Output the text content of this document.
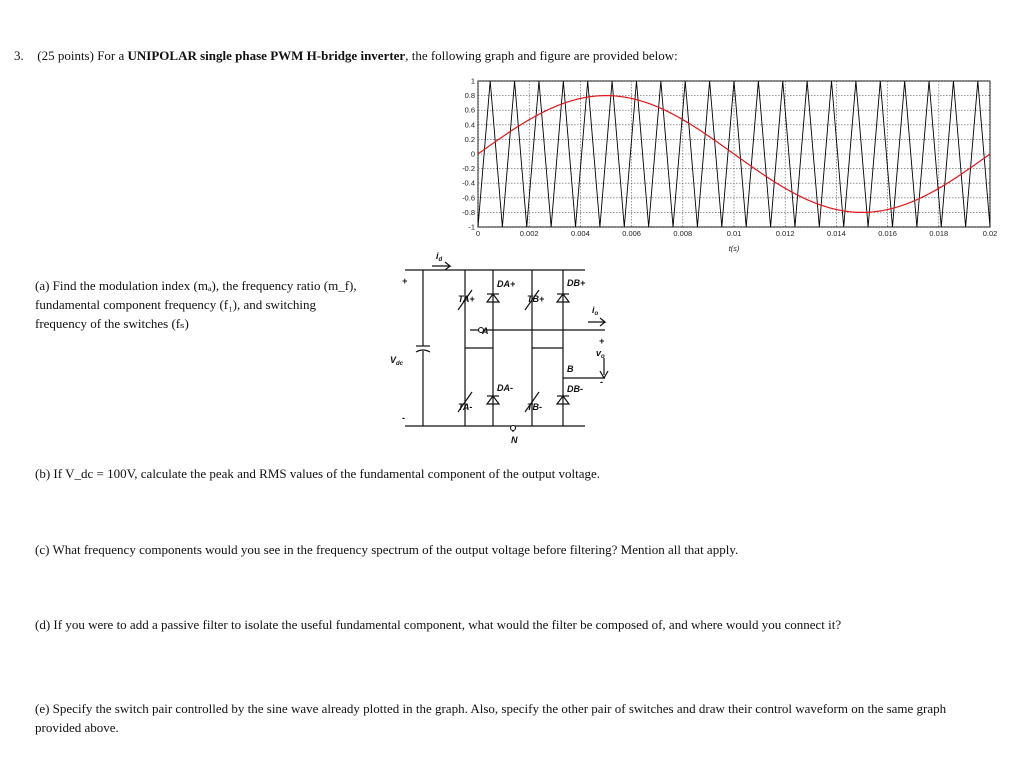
3. (25 points) For a UNIPOLAR single phase PWM H-bridge inverter, the following graph and figure are provided below:
1
0.8
0.6
0.4
0.2
0
-0.2
-0.4
-0.6
-0.8
-1
0	0.002	0.004	0.006	0.008	0.01	0.012	0.014	0.016	0.018	0.02
t(s)
$i_d$
+
-
$V_{dc}$
TA+
DA+
TB+
DB+
TA-
DA-
TB-
DB-
A
B
N
$i_o$
+
$v_o$
-
(a) Find the modulation index (mₐ), the frequency ratio (m_f), fundamental component frequency (f₁), and switching frequency of the switches (fₛ)
(b) If V_dc = 100V, calculate the peak and RMS values of the fundamental component of the output voltage.
(c) What frequency components would you see in the frequency spectrum of the output voltage before filtering? Mention all that apply.
(d) If you were to add a passive filter to isolate the useful fundamental component, what would the filter be composed of, and where would you connect it?
(e) Specify the switch pair controlled by the sine wave already plotted in the graph. Also, specify the other pair of switches and draw their control waveform on the same graph provided above.
